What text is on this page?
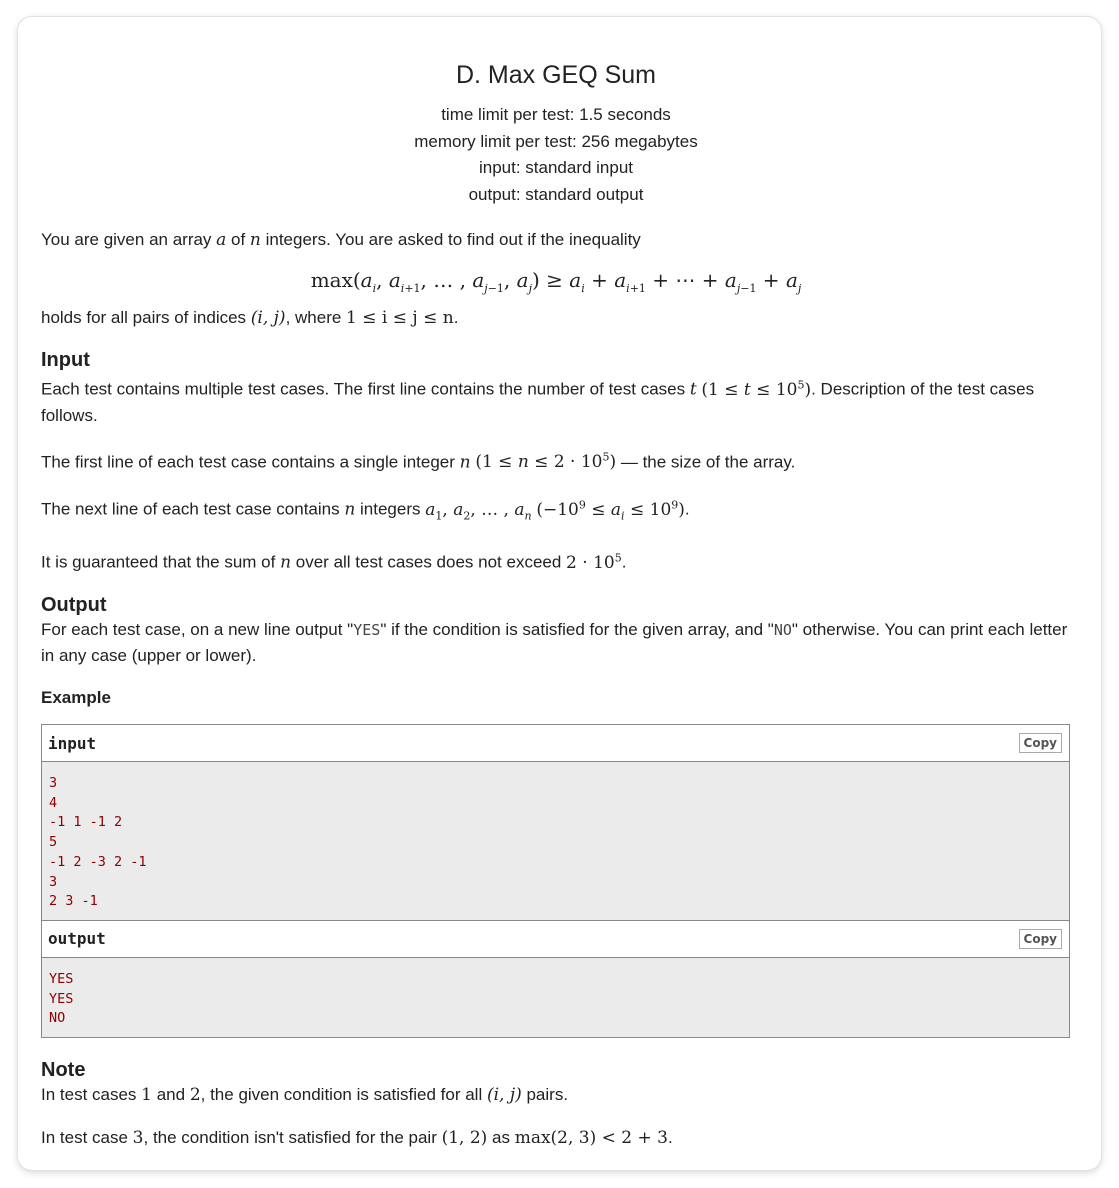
D. Max GEQ Sum
time limit per test: 1.5 seconds
memory limit per test: 256 megabytes
input: standard input
output: standard output

You are given an array a of n integers. You are asked to find out if the inequality

$\max(a_i$, $a_{i+1}$, … , $a_{j-1}$, $a_j) \ge a_i + a_{i+1}$ + ⋯ + $a_{j-1} + a_j$

holds for all pairs of indices (i, j), where 1 ≤ i ≤ j ≤ n.

Input

Each test contains multiple test cases. The first line contains the number of test cases t $(1 \le t \le 10^5)$. Description of the test cases follows.

The first line of each test case contains a single integer n $(1 \le n \le 2 \cdot 10^5)$ — the size of the array.

The next line of each test case contains n integers $a_1$, $a_2$, … , $a_n$ $(-10^9 \le a_i \le 10^9)$.

It is guaranteed that the sum of n over all test cases does not exceed $2 \cdot 10^5$.

Output

For each test case, on a new line output "YES" if the condition is satisfied for the given array, and "NO" otherwise. You can print each letter in any case (upper or lower).

Example
input	Copy
3
4
-1 1 -1 2
5
-1 2 -3 2 -1
3
2 3 -1
output	Copy
YES
YES
NO
Note

In test cases 1 and 2, the given condition is satisfied for all (i, j) pairs.

In test case 3, the condition isn't satisfied for the pair (1, 2) as max(2, 3) < 2 + 3.
